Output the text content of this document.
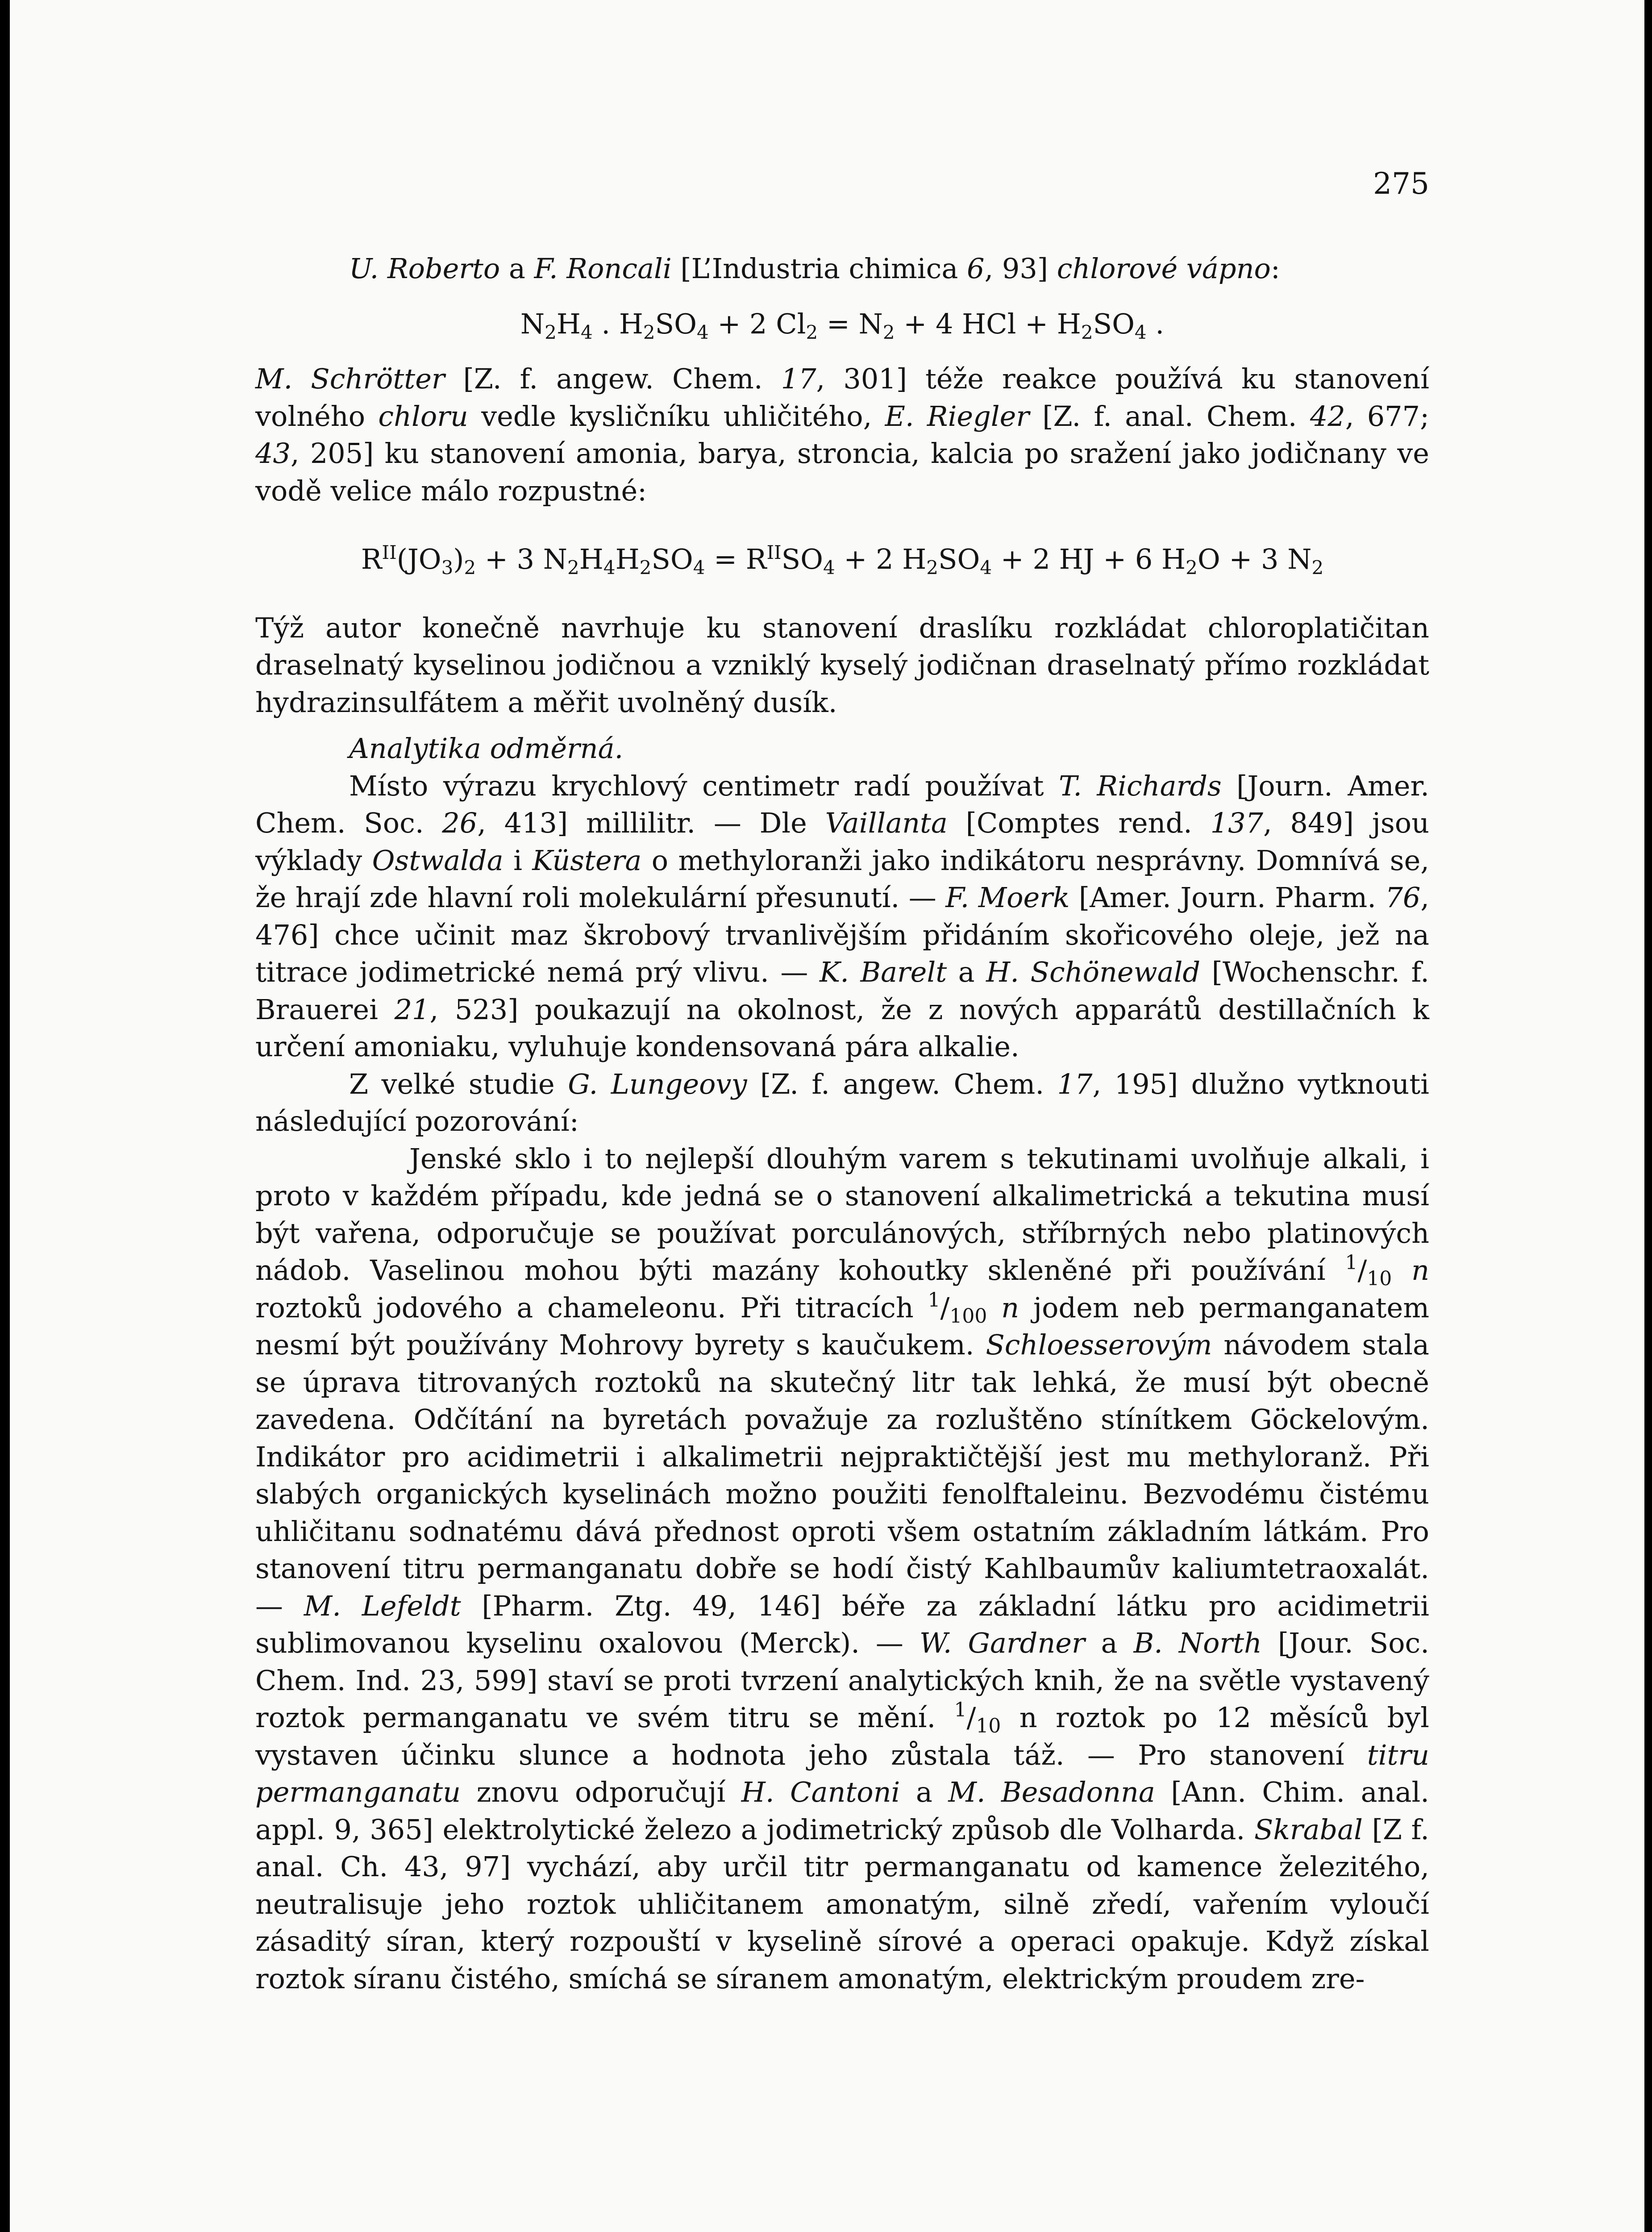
275

U. Roberto a F. Roncali [L’Industria chimica 6, 93] chlorové vápno:

$N_2H_4$ . $H_2SO_4 + 2$ $Cl_2 = N_2 + 4$ HCl + $H_2SO_4$ .

M. Schrötter [Z. f. angew. Chem. 17, 301] téže reakce používá ku stanovení volného chloru vedle kysličníku uhličitého, E. Riegler [Z. f. anal. Chem. 42, 677; 43, 205] ku stanovení amonia, barya, stroncia, kalcia po sražení jako jodičnany ve vodě velice málo rozpustné:

$R^{II}(JO_3)_2 + 3$ $N_2H_4H_2SO_4 = R^{II}SO_4 + 2$ $H_2SO_4 + 2$ HJ + 6 $H_2O + 3$ $N_2$

Týž autor konečně navrhuje ku stanovení draslíku rozkládat chloroplatičitan draselnatý kyselinou jodičnou a vzniklý kyselý jodičnan draselnatý přímo rozkládat hydrazinsulfátem a měřit uvolněný dusík.

Analytika odměrná.

Místo výrazu krychlový centimetr radí používat T. Richards [Journ. Amer. Chem. Soc. 26, 413] millilitr. — Dle Vaillanta [Comptes rend. 137, 849] jsou výklady Ostwalda i Küstera o methyloranži jako indikátoru nesprávny. Domnívá se, že hrají zde hlavní roli molekulární přesunutí. — F. Moerk [Amer. Journ. Pharm. 76, 476] chce učinit maz škrobový trvanlivějším přidáním skořicového oleje, jež na titrace jodimetrické nemá prý vlivu. — K. Barelt a H. Schönewald [Wochenschr. f. Brauerei 21, 523] poukazují na okolnost, že z nových apparátů destillačních k určení amoniaku, vyluhuje kondensovaná pára alkalie.

Z velké studie G. Lungeovy [Z. f. angew. Chem. 17, 195] dlužno vytknouti následující pozorování:

Jenské sklo i to nejlepší dlouhým varem s tekutinami uvolňuje alkali, i proto v každém případu, kde jedná se o stanovení alkalimetrická a tekutina musí být vařena, odporučuje se používat porculánových, stříbrných nebo platinových nádob. Vaselinou mohou býti mazány kohoutky skleněné při používání $^1$/10 n roztoků jodového a chameleonu. Při titracích $^1$/100 n jodem neb permanganatem nesmí být používány Mohrovy byrety s kaučukem. Schloesserovým návodem stala se úprava titrovaných roztoků na skutečný litr tak lehká, že musí být obecně zavedena. Odčítání na byretách považuje za rozluštěno stínítkem Göckelovým. Indikátor pro acidimetrii i alkalimetrii nejpraktičtější jest mu methyloranž. Při slabých organických kyselinách možno použiti fenolftaleinu. Bezvodému čistému uhličitanu sodnatému dává přednost oproti všem ostatním základním látkám. Pro stanovení titru permanganatu dobře se hodí čistý Kahlbaumův kaliumtetraoxalát. — M. Lefeldt [Pharm. Ztg. 49, 146] béře za základní látku pro acidimetrii sublimovanou kyselinu oxalovou (Merck). — W. Gardner a B. North [Jour. Soc. Chem. Ind. 23, 599] staví se proti tvrzení analytických knih, že na světle vystavený roztok permanganatu ve svém titru se mění. $^1$/10 n roztok po 12 měsíců byl vystaven účinku slunce a hodnota jeho zůstala táž. — Pro stanovení titru permanganatu znovu odporučují H. Cantoni a M. Besadonna [Ann. Chim. anal. appl. 9, 365] elektrolytické železo a jodimetrický způsob dle Volharda. Skrabal [Z f. anal. Ch. 43, 97] vychází, aby určil titr permanganatu od kamence železitého, neutralisuje jeho roztok uhličitanem amonatým, silně zředí, vařením vyloučí zásaditý síran, který rozpouští v kyselině sírové a operaci opakuje. Když získal roztok síranu čistého, smíchá se síranem amonatým, elektrickým proudem zre-
